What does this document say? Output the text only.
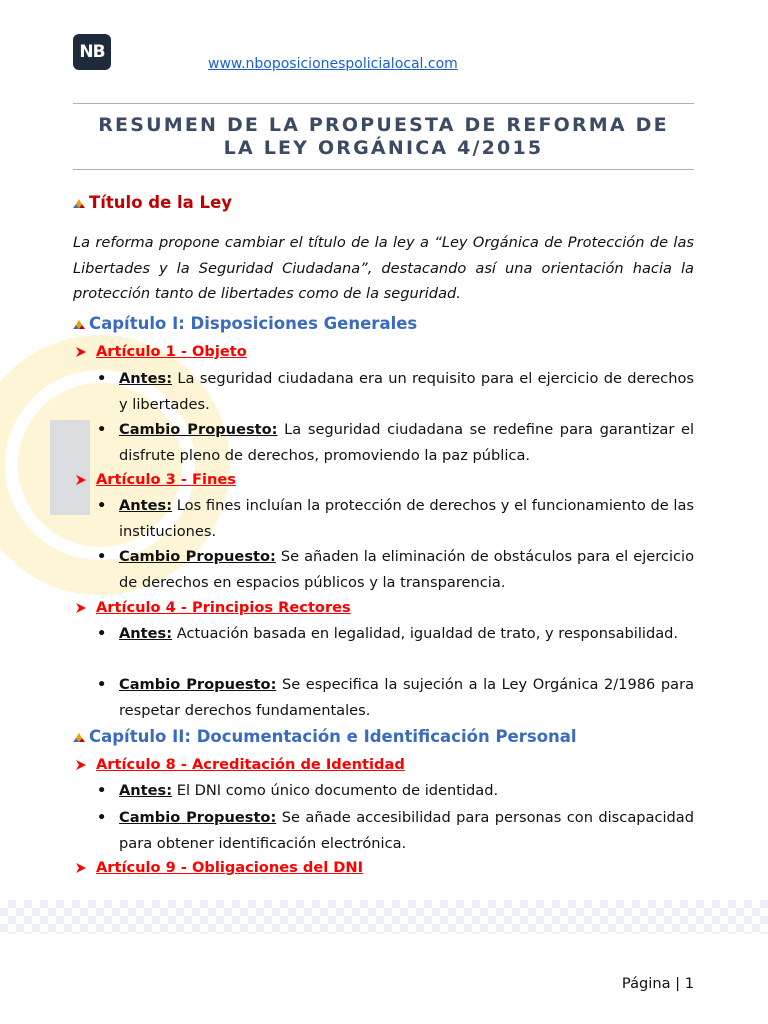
NB
www.nboposicionespolicialocal.com
RESUMEN DE LA PROPUESTA DE REFORMA DE
LA LEY ORGÁNICA 4/2015
Título de la Ley

La reforma propone cambiar el título de la ley a “Ley Orgánica de Protección de las Libertades y la Seguridad Ciudadana”, destacando así una orientación hacia la protección tanto de libertades como de la seguridad.

Capítulo I: Disposiciones Generales
Artículo 1 - Objeto
• Antes: La seguridad ciudadana era un requisito para el ejercicio de derechos y libertades.
• Cambio Propuesto: La seguridad ciudadana se redefine para garantizar el disfrute pleno de derechos, promoviendo la paz pública.
Artículo 3 - Fines
• Antes: Los fines incluían la protección de derechos y el funcionamiento de las instituciones.
• Cambio Propuesto: Se añaden la eliminación de obstáculos para el ejercicio de derechos en espacios públicos y la transparencia.
Artículo 4 - Principios Rectores
• Antes: Actuación basada en legalidad, igualdad de trato, y responsabilidad.
• Cambio Propuesto: Se especifica la sujeción a la Ley Orgánica 2/1986 para respetar derechos fundamentales.
Capítulo II: Documentación e Identificación Personal
Artículo 8 - Acreditación de Identidad
• Antes: El DNI como único documento de identidad.
• Cambio Propuesto: Se añade accesibilidad para personas con discapacidad para obtener identificación electrónica.
Artículo 9 - Obligaciones del DNI
Página | 1
